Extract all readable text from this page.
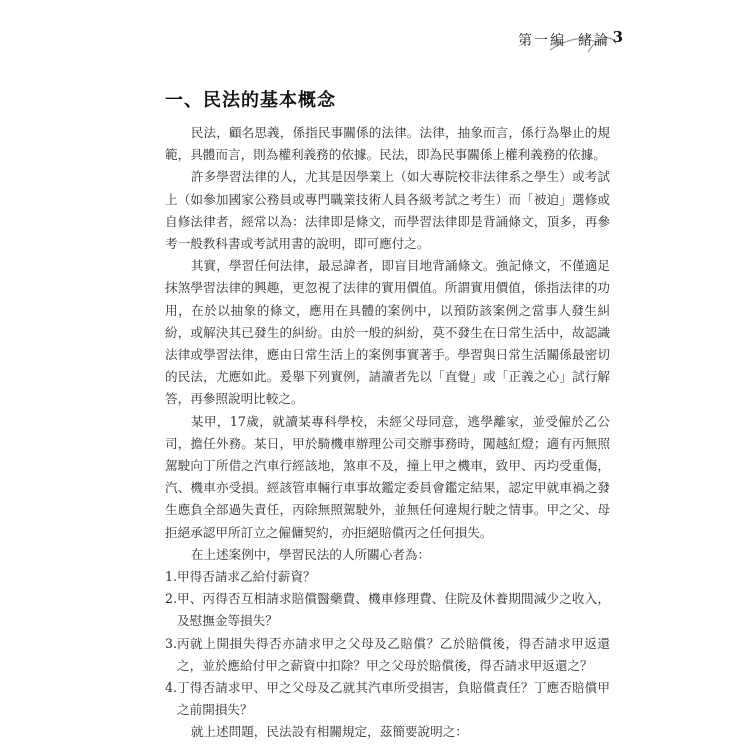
第一編 緒論 3
一、民法的基本概念

民法，顧名思義，係指民事關係的法律。法律，抽象而言，係行為舉止的規範，具體而言，則為權利義務的依據。民法，即為民事關係上權利義務的依據。

許多學習法律的人，尤其是因學業上（如大專院校非法律系之學生）或考試上（如參加國家公務員或專門職業技術人員各級考試之考生）而「被迫」選修或自修法律者，經常以為：法律即是條文，而學習法律即是背誦條文，頂多，再參考一般教科書或考試用書的說明，即可應付之。

其實，學習任何法律，最忌諱者，即盲目地背誦條文。強記條文，不僅適足抹煞學習法律的興趣，更忽視了法律的實用價值。所謂實用價值，係指法律的功用，在於以抽象的條文，應用在具體的案例中，以預防該案例之當事人發生糾紛，或解決其已發生的糾紛。由於一般的糾紛，莫不發生在日常生活中，故認識法律或學習法律，應由日常生活上的案例事實著手。學習與日常生活關係最密切的民法，尤應如此。爰舉下列實例，請讀者先以「直覺」或「正義之心」試行解答，再參照說明比較之。

某甲，17歲，就讀某專科學校，未經父母同意，逃學離家，並受僱於乙公司，擔任外務。某日，甲於騎機車辦理公司交辦事務時，闖越紅燈；適有丙無照駕駛向丁所借之汽車行經該地，煞車不及，撞上甲之機車，致甲、丙均受重傷，汽、機車亦受損。經該管車輛行車事故鑑定委員會鑑定結果，認定甲就車禍之發生應負全部過失責任，丙除無照駕駛外，並無任何違規行駛之情事。甲之父、母拒絕承認甲所訂立之僱傭契約，亦拒絕賠償丙之任何損失。

在上述案例中，學習民法的人所關心者為：

1. 甲得否請求乙給付薪資？
2. 甲、丙得否互相請求賠償醫藥費、機車修理費、住院及休養期間減少之收入，及慰撫金等損失？
3. 丙就上開損失得否亦請求甲之父母及乙賠償？乙於賠償後，得否請求甲返還之，並於應給付甲之薪資中扣除？甲之父母於賠償後，得否請求甲返還之？
4. 丁得否請求甲、甲之父母及乙就其汽車所受損害，負賠償責任？丁應否賠償甲之前開損失？

就上述問題，民法設有相關規定，茲簡要說明之：
